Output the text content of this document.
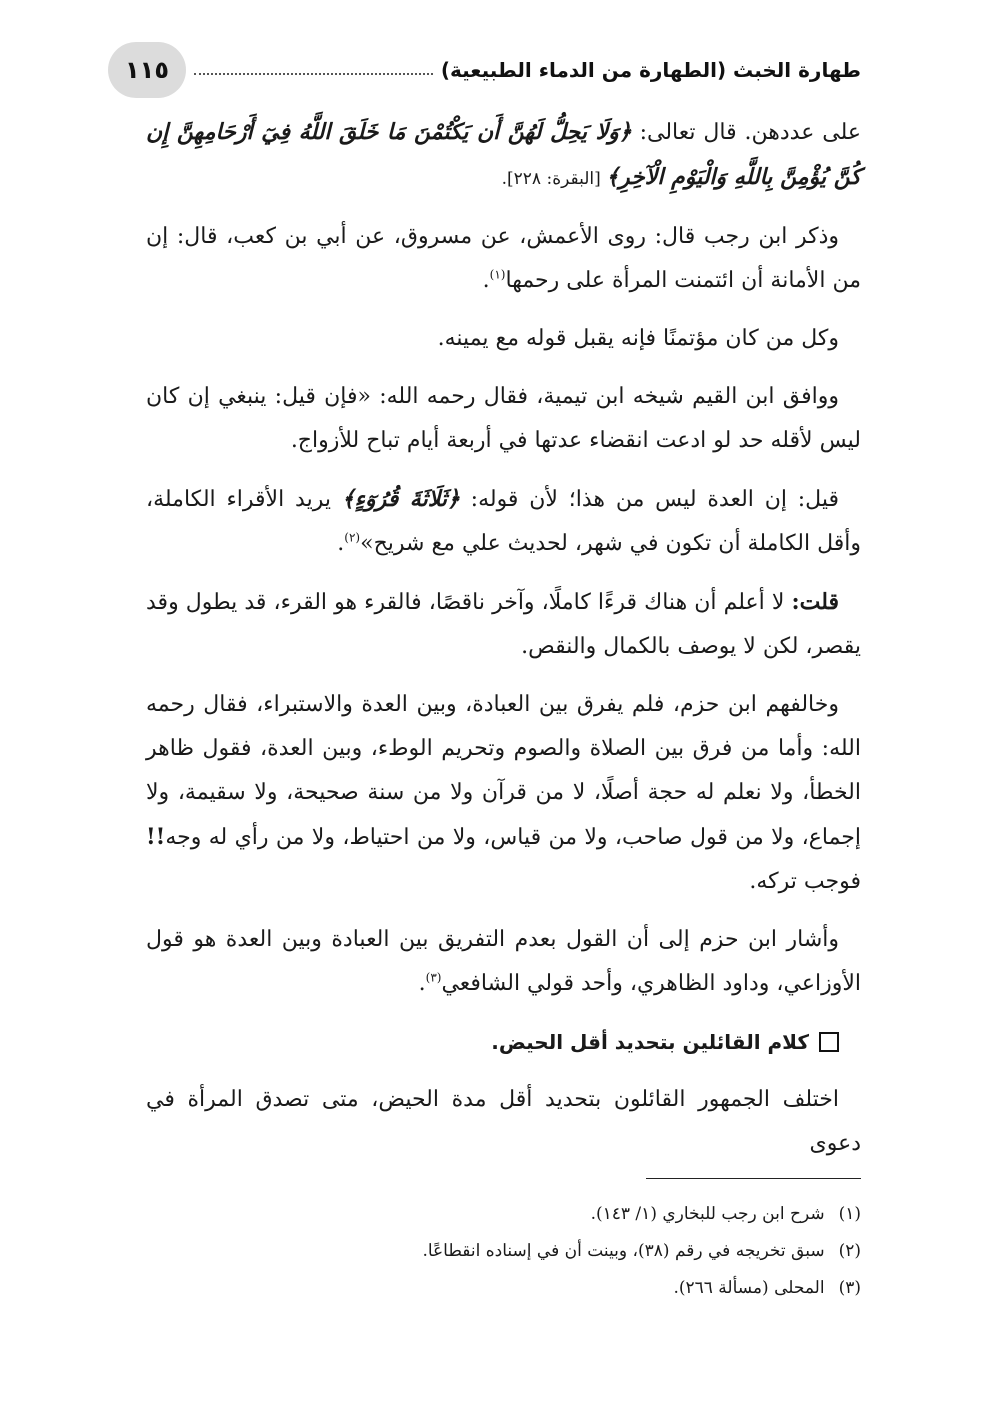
طهارة الخبث (الطهارة من الدماء الطبيعية)
١١٥

على عددهن. قال تعالى: ﴿وَلَا يَحِلُّ لَهُنَّ أَن يَكْتُمْنَ مَا خَلَقَ اللَّهُ فِيٓ أَرْحَامِهِنَّ إِن كُنَّ يُؤْمِنَّ بِاللَّهِ وَالْيَوْمِ الْآخِرِ﴾ [البقرة: ٢٢٨].

وذكر ابن رجب قال: روى الأعمش، عن مسروق، عن أبي بن كعب، قال: إن من الأمانة أن ائتمنت المرأة على رحمها$^{(١)}$.

وكل من كان مؤتمنًا فإنه يقبل قوله مع يمينه.

ووافق ابن القيم شيخه ابن تيمية، فقال رحمه الله: «فإن قيل: ينبغي إن كان ليس لأقله حد لو ادعت انقضاء عدتها في أربعة أيام تباح للأزواج.

قيل: إن العدة ليس من هذا؛ لأن قوله: ﴿ثَلَاثَةَ قُرُوٓءٍ﴾ يريد الأقراء الكاملة، وأقل الكاملة أن تكون في شهر، لحديث علي مع شريح»$^{(٢)}$.

قلت: لا أعلم أن هناك قرءًا كاملًا، وآخر ناقصًا، فالقرء هو القرء، قد يطول وقد يقصر، لكن لا يوصف بالكمال والنقص.

وخالفهم ابن حزم، فلم يفرق بين العبادة، وبين العدة والاستبراء، فقال رحمه الله: وأما من فرق بين الصلاة والصوم وتحريم الوطء، وبين العدة، فقول ظاهر الخطأ، ولا نعلم له حجة أصلًا، لا من قرآن ولا من سنة صحيحة، ولا سقيمة، ولا إجماع، ولا من قول صاحب، ولا من قياس، ولا من احتياط، ولا من رأي له وجه!! فوجب تركه.

وأشار ابن حزم إلى أن القول بعدم التفريق بين العبادة وبين العدة هو قول الأوزاعي، وداود الظاهري، وأحد قولي الشافعي$^{(٣)}$.

كلام القائلين بتحديد أقل الحيض.

اختلف الجمهور القائلون بتحديد أقل مدة الحيض، متى تصدق المرأة في دعوى

(١)
شرح ابن رجب للبخاري (١/ ١٤٣).
(٢)
سبق تخريجه في رقم (٣٨)، وبينت أن في إسناده انقطاعًا.
(٣)
المحلى (مسألة ٢٦٦).
